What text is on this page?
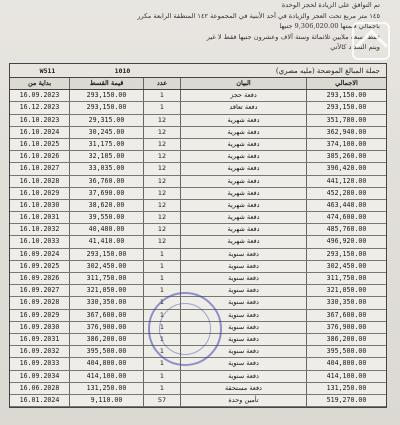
تم التوافق على الزيادة لحجز الوحدة
١٤٥ متر مربع تحت العجز والزيادة في أحد الأبنية في المجموعة ١٤٢ المنطقة الرابعة مكرر
باجمالي قيمتها 9,306,020.00 جنيها
فقط تسعة ملايين ثلاثمائة وستة آلاف وعشرون جنيها فقط لا غير
ويتم السداد كالآتي
W511	1010	جملة المبالغ الموضحة (مليه مصري)
بداية من	قيمة القسط	عدد	البيان	الاجمالي
16.09.2023	293,150.00	1	دفعة حجز	293,150.00
16.12.2023	293,150.00	1	دفعة تعاقد	293,150.00
16.10.2023	29,315.00	12	دفعة شهرية	351,780.00
16.10.2024	30,245.00	12	دفعة شهرية	362,940.00
16.10.2025	31,175.00	12	دفعة شهرية	374,100.00
16.10.2026	32,105.00	12	دفعة شهرية	385,260.00
16.10.2027	33,035.00	12	دفعة شهرية	396,420.00
16.10.2028	36,760.00	12	دفعة شهرية	441,120.00
16.10.2029	37,690.00	12	دفعة شهرية	452,280.00
16.10.2030	38,620.00	12	دفعة شهرية	463,440.00
16.10.2031	39,550.00	12	دفعة شهرية	474,600.00
16.10.2032	40,480.00	12	دفعة شهرية	485,760.00
16.10.2033	41,410.00	12	دفعة شهرية	496,920.00
16.09.2024	293,150.00	1	دفعة سنوية	293,150.00
16.09.2025	302,450.00	1	دفعة سنوية	302,450.00
16.09.2026	311,750.00	1	دفعة سنوية	311,750.00
16.09.2027	321,050.00	1	دفعة سنوية	321,050.00
16.09.2028	330,350.00	1	دفعة سنوية	330,350.00
16.09.2029	367,600.00	1	دفعة سنوية	367,600.00
16.09.2030	376,900.00	1	دفعة سنوية	376,900.00
16.09.2031	386,200.00	1	دفعة سنوية	386,200.00
16.09.2032	395,500.00	1	دفعة سنوية	395,500.00
16.09.2033	404,800.00	1	دفعة سنوية	404,800.00
16.09.2034	414,100.00	1	دفعة سنوية	414,100.00
16.06.2028	131,250.00	1	دفعة مستحقة	131,250.00
16.01.2024	9,110.00	57	تأمين وحدة	519,270.00
